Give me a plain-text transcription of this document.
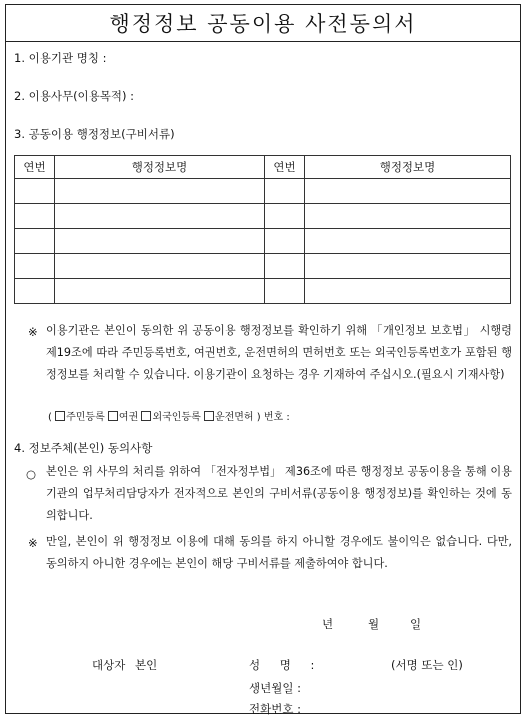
행정정보 공동이용 사전동의서
1. 이용기관 명칭 :
2. 이용사무(이용목적) :
3. 공동이용 행정정보(구비서류)
연번	행정정보명	연번	행정정보명

※ 이용기관은 본인이 동의한 위 공동이용 행정정보를 확인하기 위해 「개인정보 보호법」 시행령 제19조에 따라 주민등록번호, 여권번호, 운전면허의 면허번호 또는 외국인등록번호가 포함된 행정정보를 처리할 수 있습니다. 이용기관이 요청하는 경우 기재하여 주십시오.(필요시 기재사항)
( 주민등록 여권 외국인등록 운전면허 ) 번호 :
4. 정보주체(본인) 동의사항
○ 본인은 위 사무의 처리를 위하여 「전자정부법」 제36조에 따른 행정정보 공동이용을 통해 이용기관의 업무처리담당자가 전자적으로 본인의 구비서류(공동이용 행정정보)를 확인하는 것에 동의합니다.
※ 만일, 본인이 위 행정정보 이용에 대해 동의를 하지 아니할 경우에도 불이익은 없습니다. 다만, 동의하지 아니한 경우에는 본인이 해당 구비서류를 제출하여야 합니다.
년	월	일
대상자 본인	성 명 :	(서명 또는 인)
생년월일 :
전화번호 :
